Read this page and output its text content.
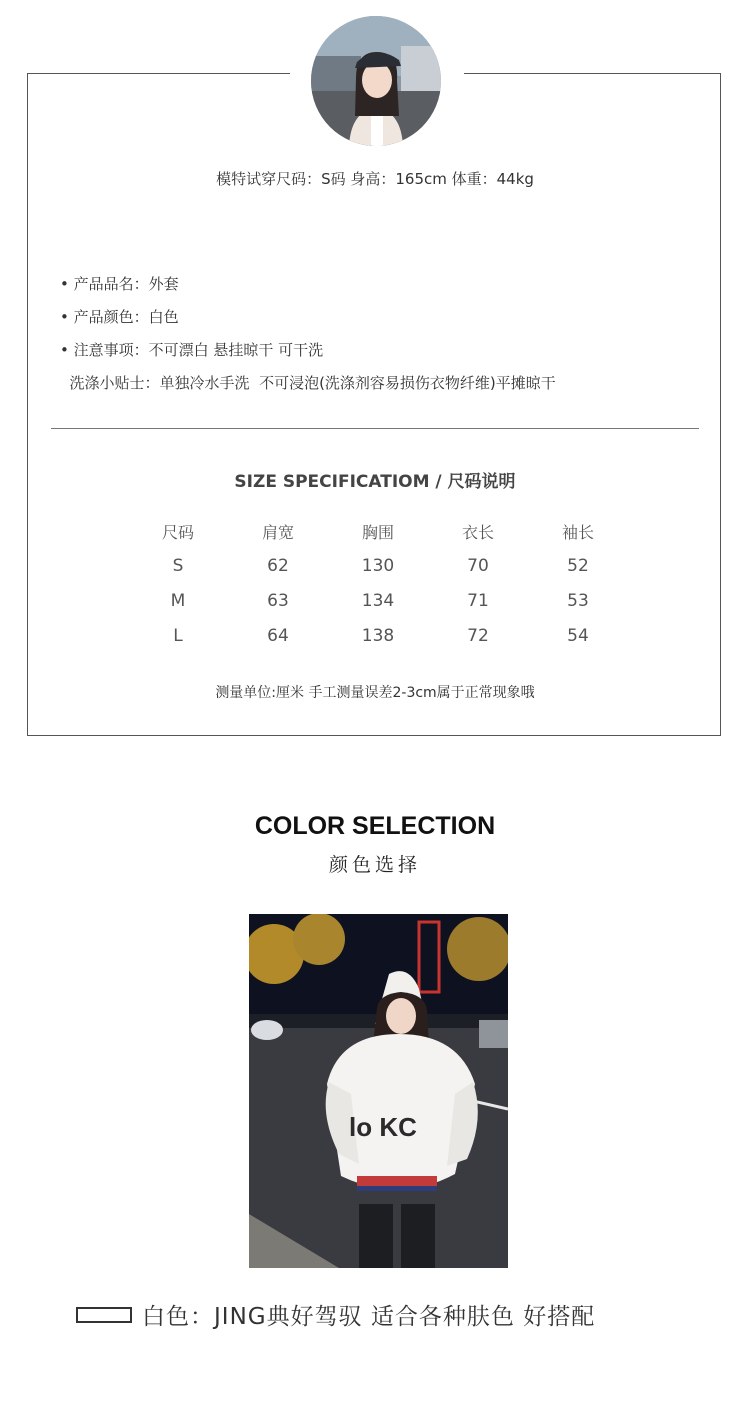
模特试穿尺码：S码 身高：165cm 体重：44kg
• 产品品名：外套
• 产品颜色：白色
• 注意事项：不可漂白 悬挂晾干 可干洗
洗涤小贴士：单独冷水手洗  不可浸泡(洗涤剂容易损伤衣物纤维)平摊晾干
SIZE SPECIFICATIOM / 尺码说明
尺码	肩宽	胸围	衣长	袖长
S	62	130	70	52
M	63	134	71	53
L	64	138	72	54
测量单位:厘米 手工测量误差2-3cm属于正常现象哦
COLOR SELECTION
颜色选择
lo KC
白色：JING典好驾驭 适合各种肤色 好搭配
